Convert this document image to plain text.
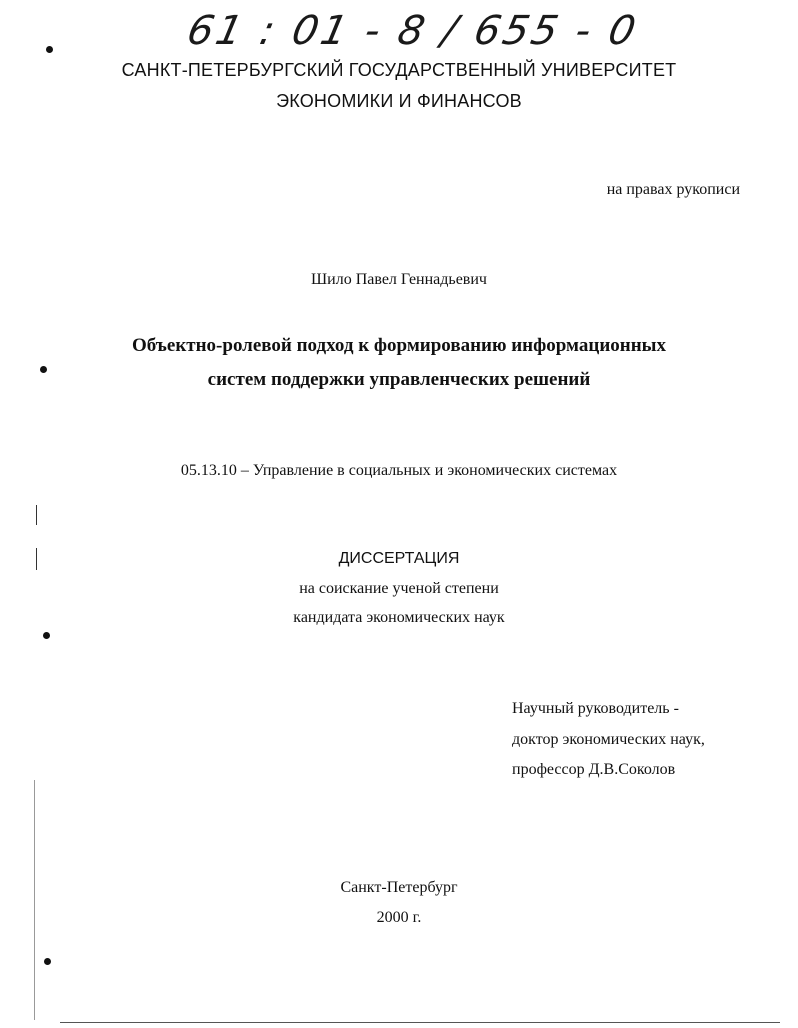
61 : 01 - 8 / 655 - 0
САНКТ-ПЕТЕРБУРГСКИЙ ГОСУДАРСТВЕННЫЙ УНИВЕРСИТЕТ
ЭКОНОМИКИ И ФИНАНСОВ
на правах рукописи
Шило Павел Геннадьевич
Объектно-ролевой подход к формированию информационных
систем поддержки управленческих решений
05.13.10 – Управление в социальных и экономических системах
ДИССЕРТАЦИЯ
на соискание ученой степени
кандидата экономических наук
Научный руководитель -
доктор экономических наук,
профессор Д.В.Соколов
Санкт-Петербург
2000 г.
